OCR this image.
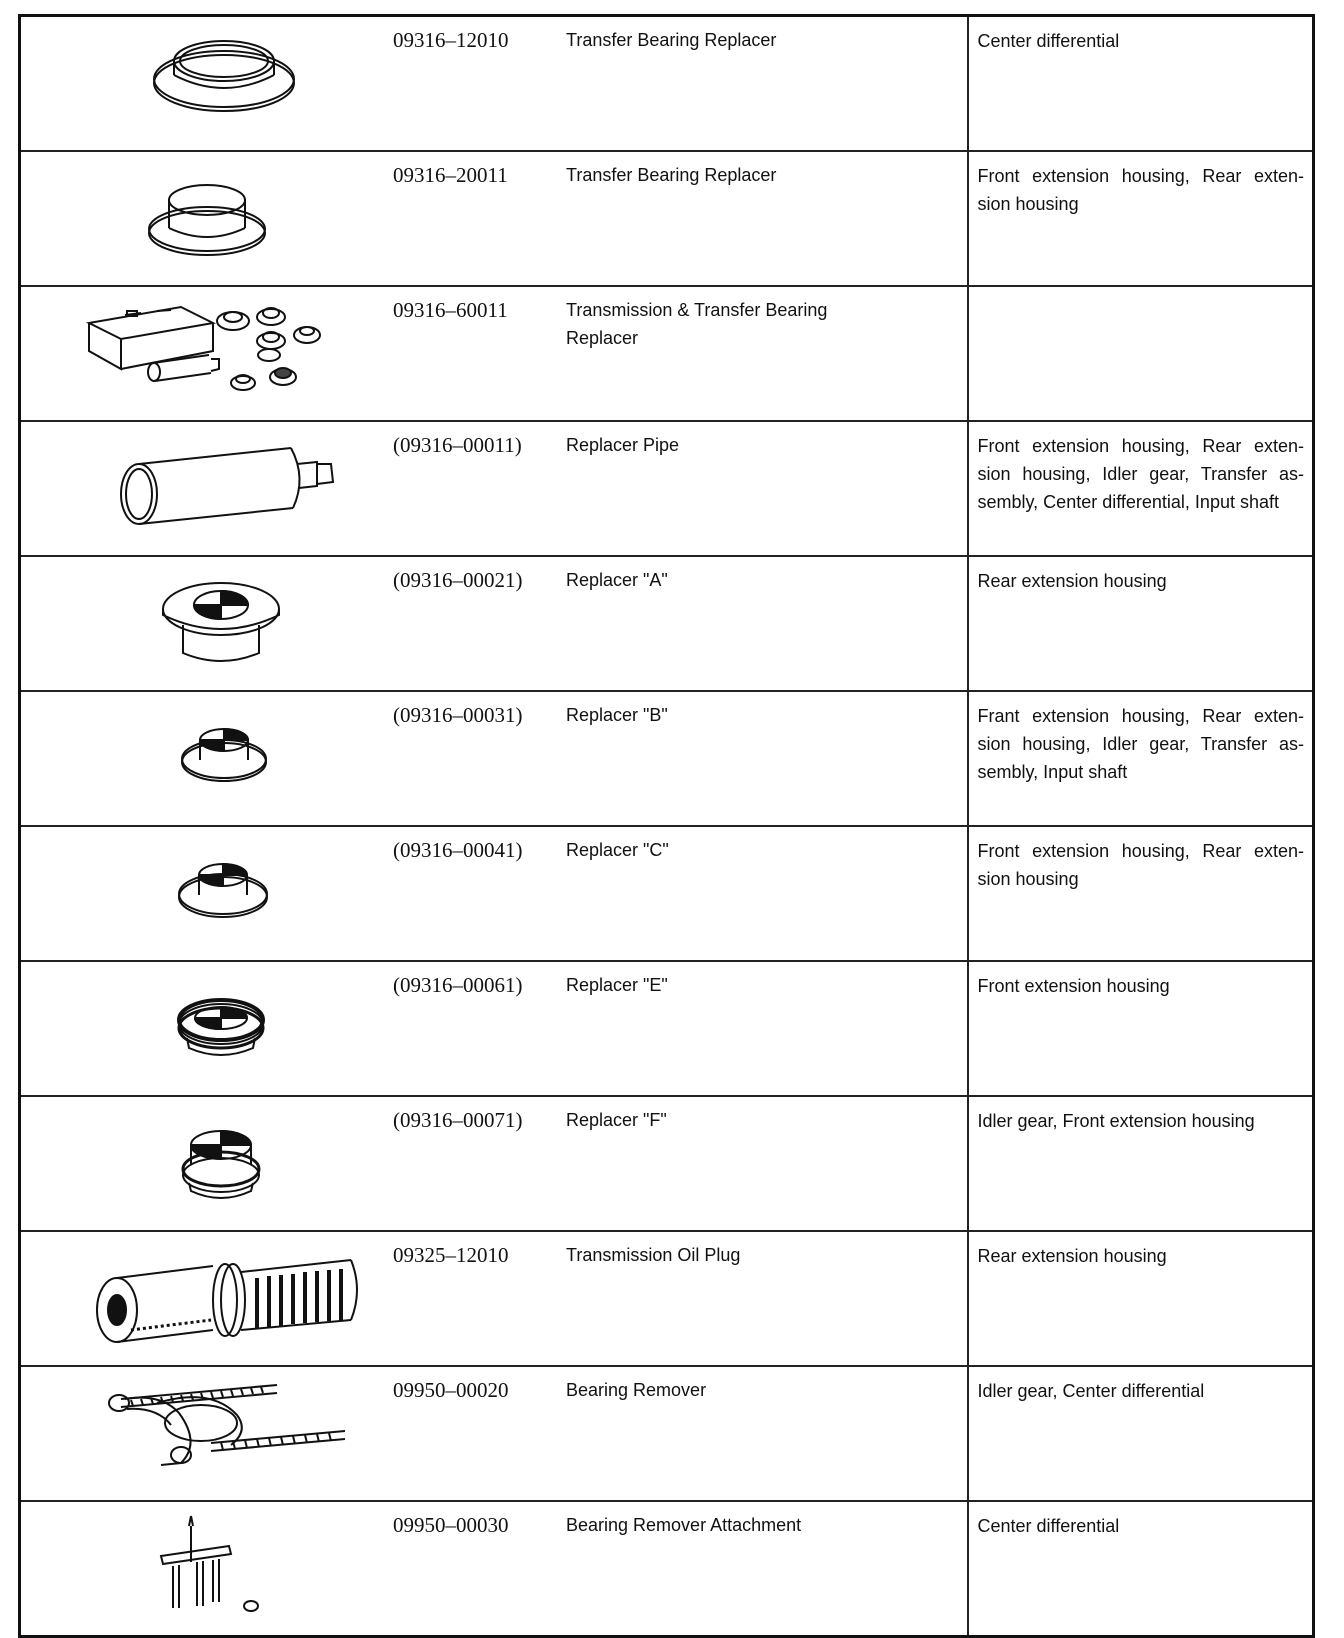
09316–12010 Transfer Bearing Replacer	Center differential

09316–20011 Transfer Bearing Replacer	Front extension housing, Rear exten-sion housing

09316–60011 Transmission & Transfer Bearing Replacer	

(09316–00011) Replacer Pipe	Front extension housing, Rear exten-sion housing, Idler gear, Transfer as-sembly, Center differential, Input shaft

(09316–00021) Replacer "A"	Rear extension housing

(09316–00031) Replacer "B"	Frant extension housing, Rear exten-sion housing, Idler gear, Transfer as-sembly, Input shaft

(09316–00041) Replacer "C"	Front extension housing, Rear exten-sion housing

(09316–00061) Replacer "E"	Front extension housing

(09316–00071) Replacer "F"	Idler gear, Front extension housing

09325–12010 Transmission Oil Plug	Rear extension housing

09950–00020 Bearing Remover	Idler gear, Center differential

09950–00030 Bearing Remover Attachment	Center differential
